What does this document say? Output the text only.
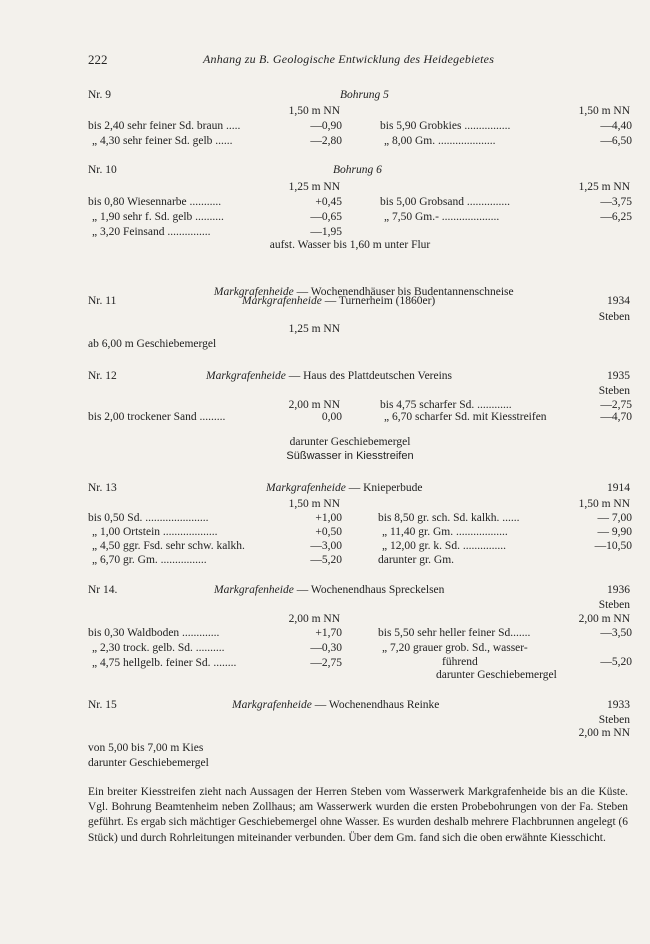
222	Anhang zu B. Geologische Entwicklung des Heidegebietes
Nr. 9	Bohrung 5
1,50 m NN	1,50 m NN
bis 2,40 sehr feiner Sd. braun .....	—0,90
„ 4,30 sehr feiner Sd. gelb ......	—2,80
bis 5,90 Grobkies ................	—4,40
„ 8,00 Gm. ....................	—6,50
Nr. 10	Bohrung 6
1,25 m NN	1,25 m NN
bis 0,80 Wiesennarbe ...........	+0,45
„ 1,90 sehr f. Sd. gelb ..........	—0,65
„ 3,20 Feinsand ...............	—1,95
bis 5,00 Grobsand ...............	—3,75
„ 7,50 Gm.- ....................	—6,25
aufst. Wasser bis 1,60 m unter Flur

Markgrafenheide — Wochenendhäuser bis Budentannenschneise

Nr. 11	Markgrafenheide — Turnerheim (1860er)	1934
Steben
1,25 m NN
ab 6,00 m Geschiebemergel
Nr. 12	Markgrafenheide — Haus des Plattdeutschen Vereins	1935
Steben
2,00 m NN
bis 2,00 trockener Sand .........	0,00
bis 4,75 scharfer Sd. ............	—2,75
„ 6,70 scharfer Sd. mit Kiesstreifen	—4,70
darunter Geschiebemergel
Süßwasser in Kiesstreifen
Nr. 13	Markgrafenheide — Knieperbude	1914
1,50 m NN	1,50 m NN
bis 0,50 Sd. ......................	+1,00
„ 1,00 Ortstein ...................	+0,50
„ 4,50 ggr. Fsd. sehr schw. kalkh.	—3,00
„ 6,70 gr. Gm. ................	—5,20
bis 8,50 gr. sch. Sd. kalkh. ......	— 7,00
„ 11,40 gr. Gm. ..................	— 9,90
„ 12,00 gr. k. Sd. ...............	—10,50
darunter gr. Gm.
Nr 14.	Markgrafenheide — Wochenendhaus Spreckelsen	1936
Steben
2,00 m NN	2,00 m NN
bis 0,30 Waldboden .............	+1,70
„ 2,30 trock. gelb. Sd. ..........	—0,30
„ 4,75 hellgelb. feiner Sd. ........	—2,75
bis 5,50 sehr heller feiner Sd.......	—3,50
„ 7,20 grauer grob. Sd., wasser-
führend	—5,20
darunter Geschiebemergel
Nr. 15	Markgrafenheide — Wochenendhaus Reinke	1933
Steben
2,00 m NN
von 5,00 bis 7,00 m Kies
darunter Geschiebemergel
Ein breiter Kiesstreifen zieht nach Aussagen der Herren Steben vom Wasserwerk Markgrafenheide bis an die Küste. Vgl. Bohrung Beamtenheim neben Zollhaus; am Wasserwerk wurden die ersten Probebohrungen von der Fa. Steben geführt. Es ergab sich mächtiger Geschiebemergel ohne Wasser. Es wurden deshalb mehrere Flachbrunnen angelegt (6 Stück) und durch Rohrleitungen miteinander verbunden. Über dem Gm. fand sich die oben erwähnte Kiesschicht.
